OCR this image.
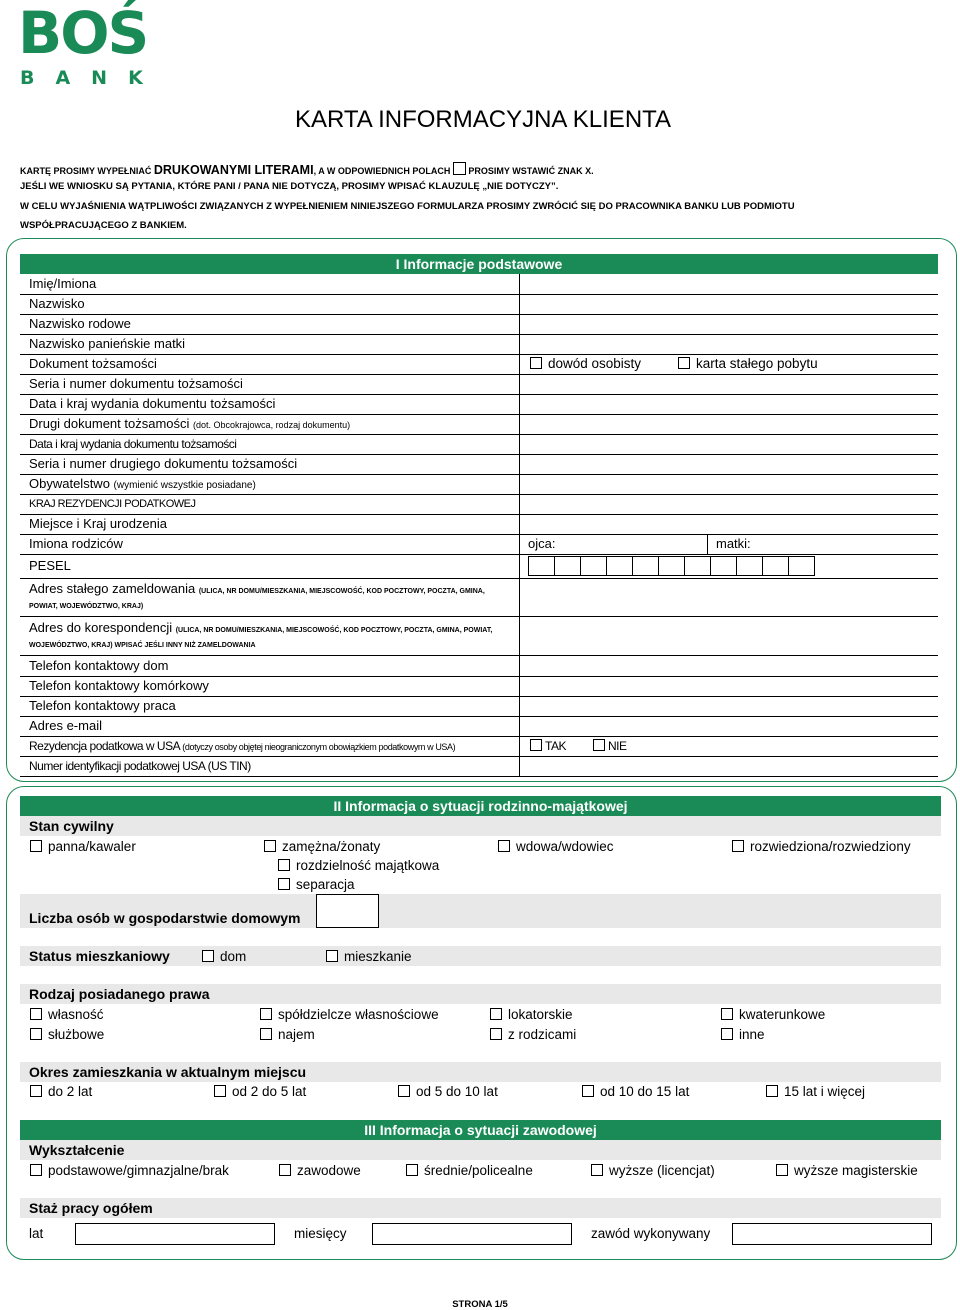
BOŚ
BANK
KARTA INFORMACYJNA KLIENTA
KARTĘ PROSIMY WYPEŁNIAĆ DRUKOWANYMI LITERAMI, A W ODPOWIEDNICH POLACH  PROSIMY WSTAWIĆ ZNAK X.
JEŚLI WE WNIOSKU SĄ PYTANIA, KTÓRE PANI / PANA NIE DOTYCZĄ, PROSIMY WPISAĆ KLAUZULĘ „NIE DOTYCZY”.
W CELU WYJAŚNIENIA WĄTPLIWOŚCI ZWIĄZANYCH Z WYPEŁNIENIEM NINIEJSZEGO FORMULARZA PROSIMY ZWRÓCIĆ SIĘ DO PRACOWNIKA BANKU LUB PODMIOTU
WSPÓŁPRACUJĄCEGO Z BANKIEM.
I Informacje podstawowe
Imię/Imiona
Nazwisko
Nazwisko rodowe
Nazwisko panieńskie matki
Dokument tożsamości	dowód osobisty	karta stałego pobytu
Seria i numer dokumentu tożsamości
Data i kraj wydania dokumentu tożsamości
Drugi dokument tożsamości (dot. Obcokrajowca, rodzaj dokumentu)
Data i kraj wydania dokumentu tożsamości
Seria i numer drugiego dokumentu tożsamości
Obywatelstwo (wymienić wszystkie posiadane)
KRAJ REZYDENCJI PODATKOWEJ
Miejsce i Kraj urodzenia
Imiona rodziców	ojca:	matki:
PESEL
Adres stałego zameldowania (ULICA, NR DOMU/MIESZKANIA, MIEJSCOWOŚĆ, KOD POCZTOWY, POCZTA, GMINA,
POWIAT, WOJEWÓDZTWO, KRAJ)
Adres do korespondencji (ULICA, NR DOMU/MIESZKANIA, MIEJSCOWOŚĆ, KOD POCZTOWY, POCZTA, GMINA, POWIAT,
WOJEWÓDZTWO, KRAJ) WPISAĆ JEŚLI INNY NIŻ ZAMELDOWANIA
Telefon kontaktowy dom
Telefon kontaktowy komórkowy
Telefon kontaktowy praca
Adres e-mail
Rezydencja podatkowa w USA (dotyczy osoby objętej nieograniczonym obowiązkiem podatkowym w USA)	TAK	NIE
Numer identyfikacji podatkowej USA (US TIN)
II Informacja o sytuacji rodzinno-majątkowej
Stan cywilny
panna/kawaler	zamężna/żonaty	wdowa/wdowiec	rozwiedziona/rozwiedziony
rozdzielność majątkowa
separacja
Liczba osób w gospodarstwie domowym
Status mieszkaniowy	dom	mieszkanie
Rodzaj posiadanego prawa
własność	spółdzielcze własnościowe	lokatorskie	kwaterunkowe
służbowe	najem	z rodzicami	inne
Okres zamieszkania w aktualnym miejscu
do 2 lat	od 2 do 5 lat	od 5 do 10 lat	od 10 do 15 lat	15 lat i więcej
III Informacja o sytuacji zawodowej
Wykształcenie
podstawowe/gimnazjalne/brak	zawodowe	średnie/policealne	wyższe (licencjat)	wyższe magisterskie
Staż pracy ogółem
lat	miesięcy	zawód wykonywany
STRONA 1/5
